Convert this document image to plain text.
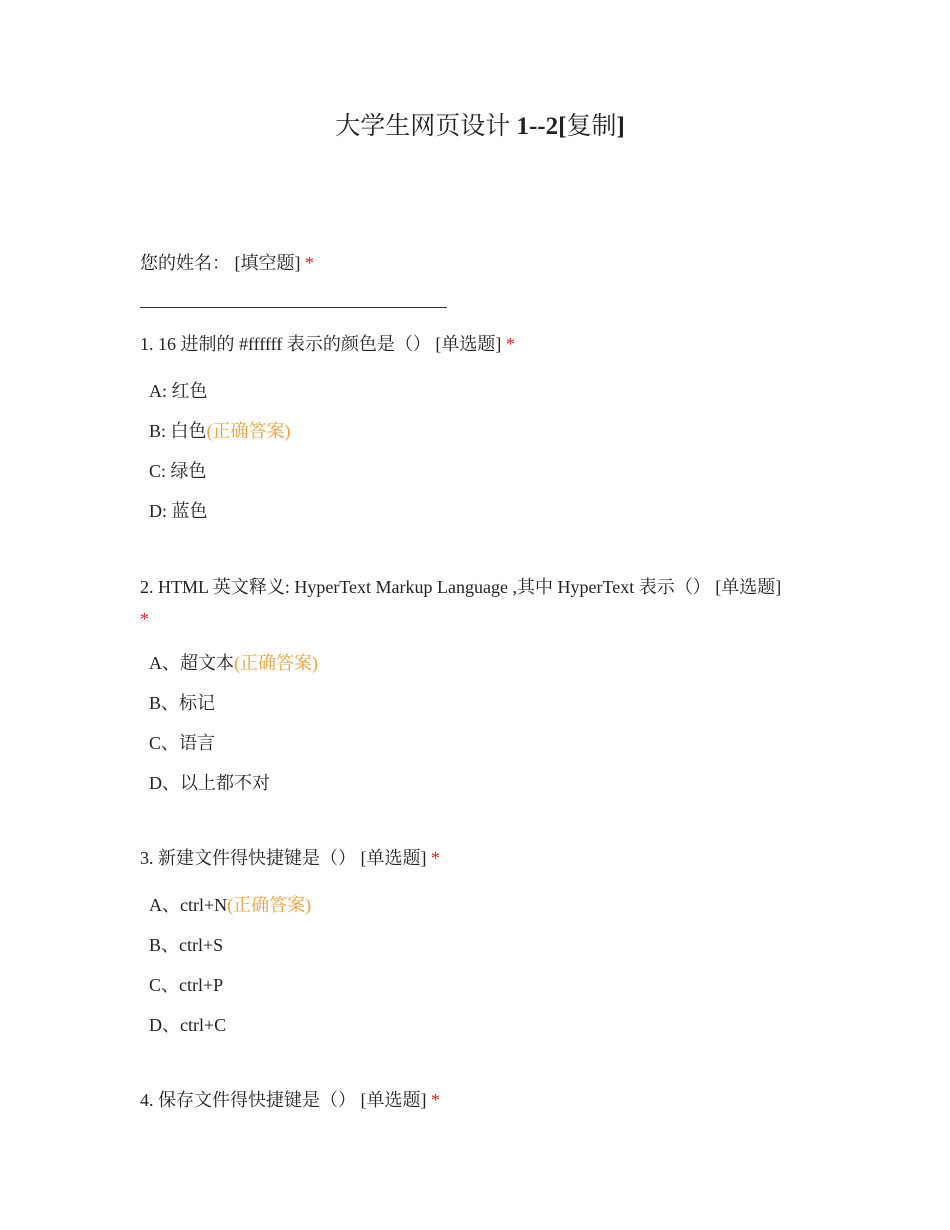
大学生网页设计 1--2[复制]
您的姓名： [填空题] *
1. 16 进制的 #ffffff 表示的颜色是（） [单选题] *
A: 红色
B: 白色(正确答案)
C: 绿色
D: 蓝色
2. HTML 英文释义: HyperText Markup Language ,其中 HyperText 表示（） [单选题]
*
A、超文本(正确答案)
B、标记
C、语言
D、以上都不对
3. 新建文件得快捷键是（） [单选题] *
A、ctrl+N(正确答案)
B、ctrl+S
C、ctrl+P
D、ctrl+C
4. 保存文件得快捷键是（） [单选题] *
